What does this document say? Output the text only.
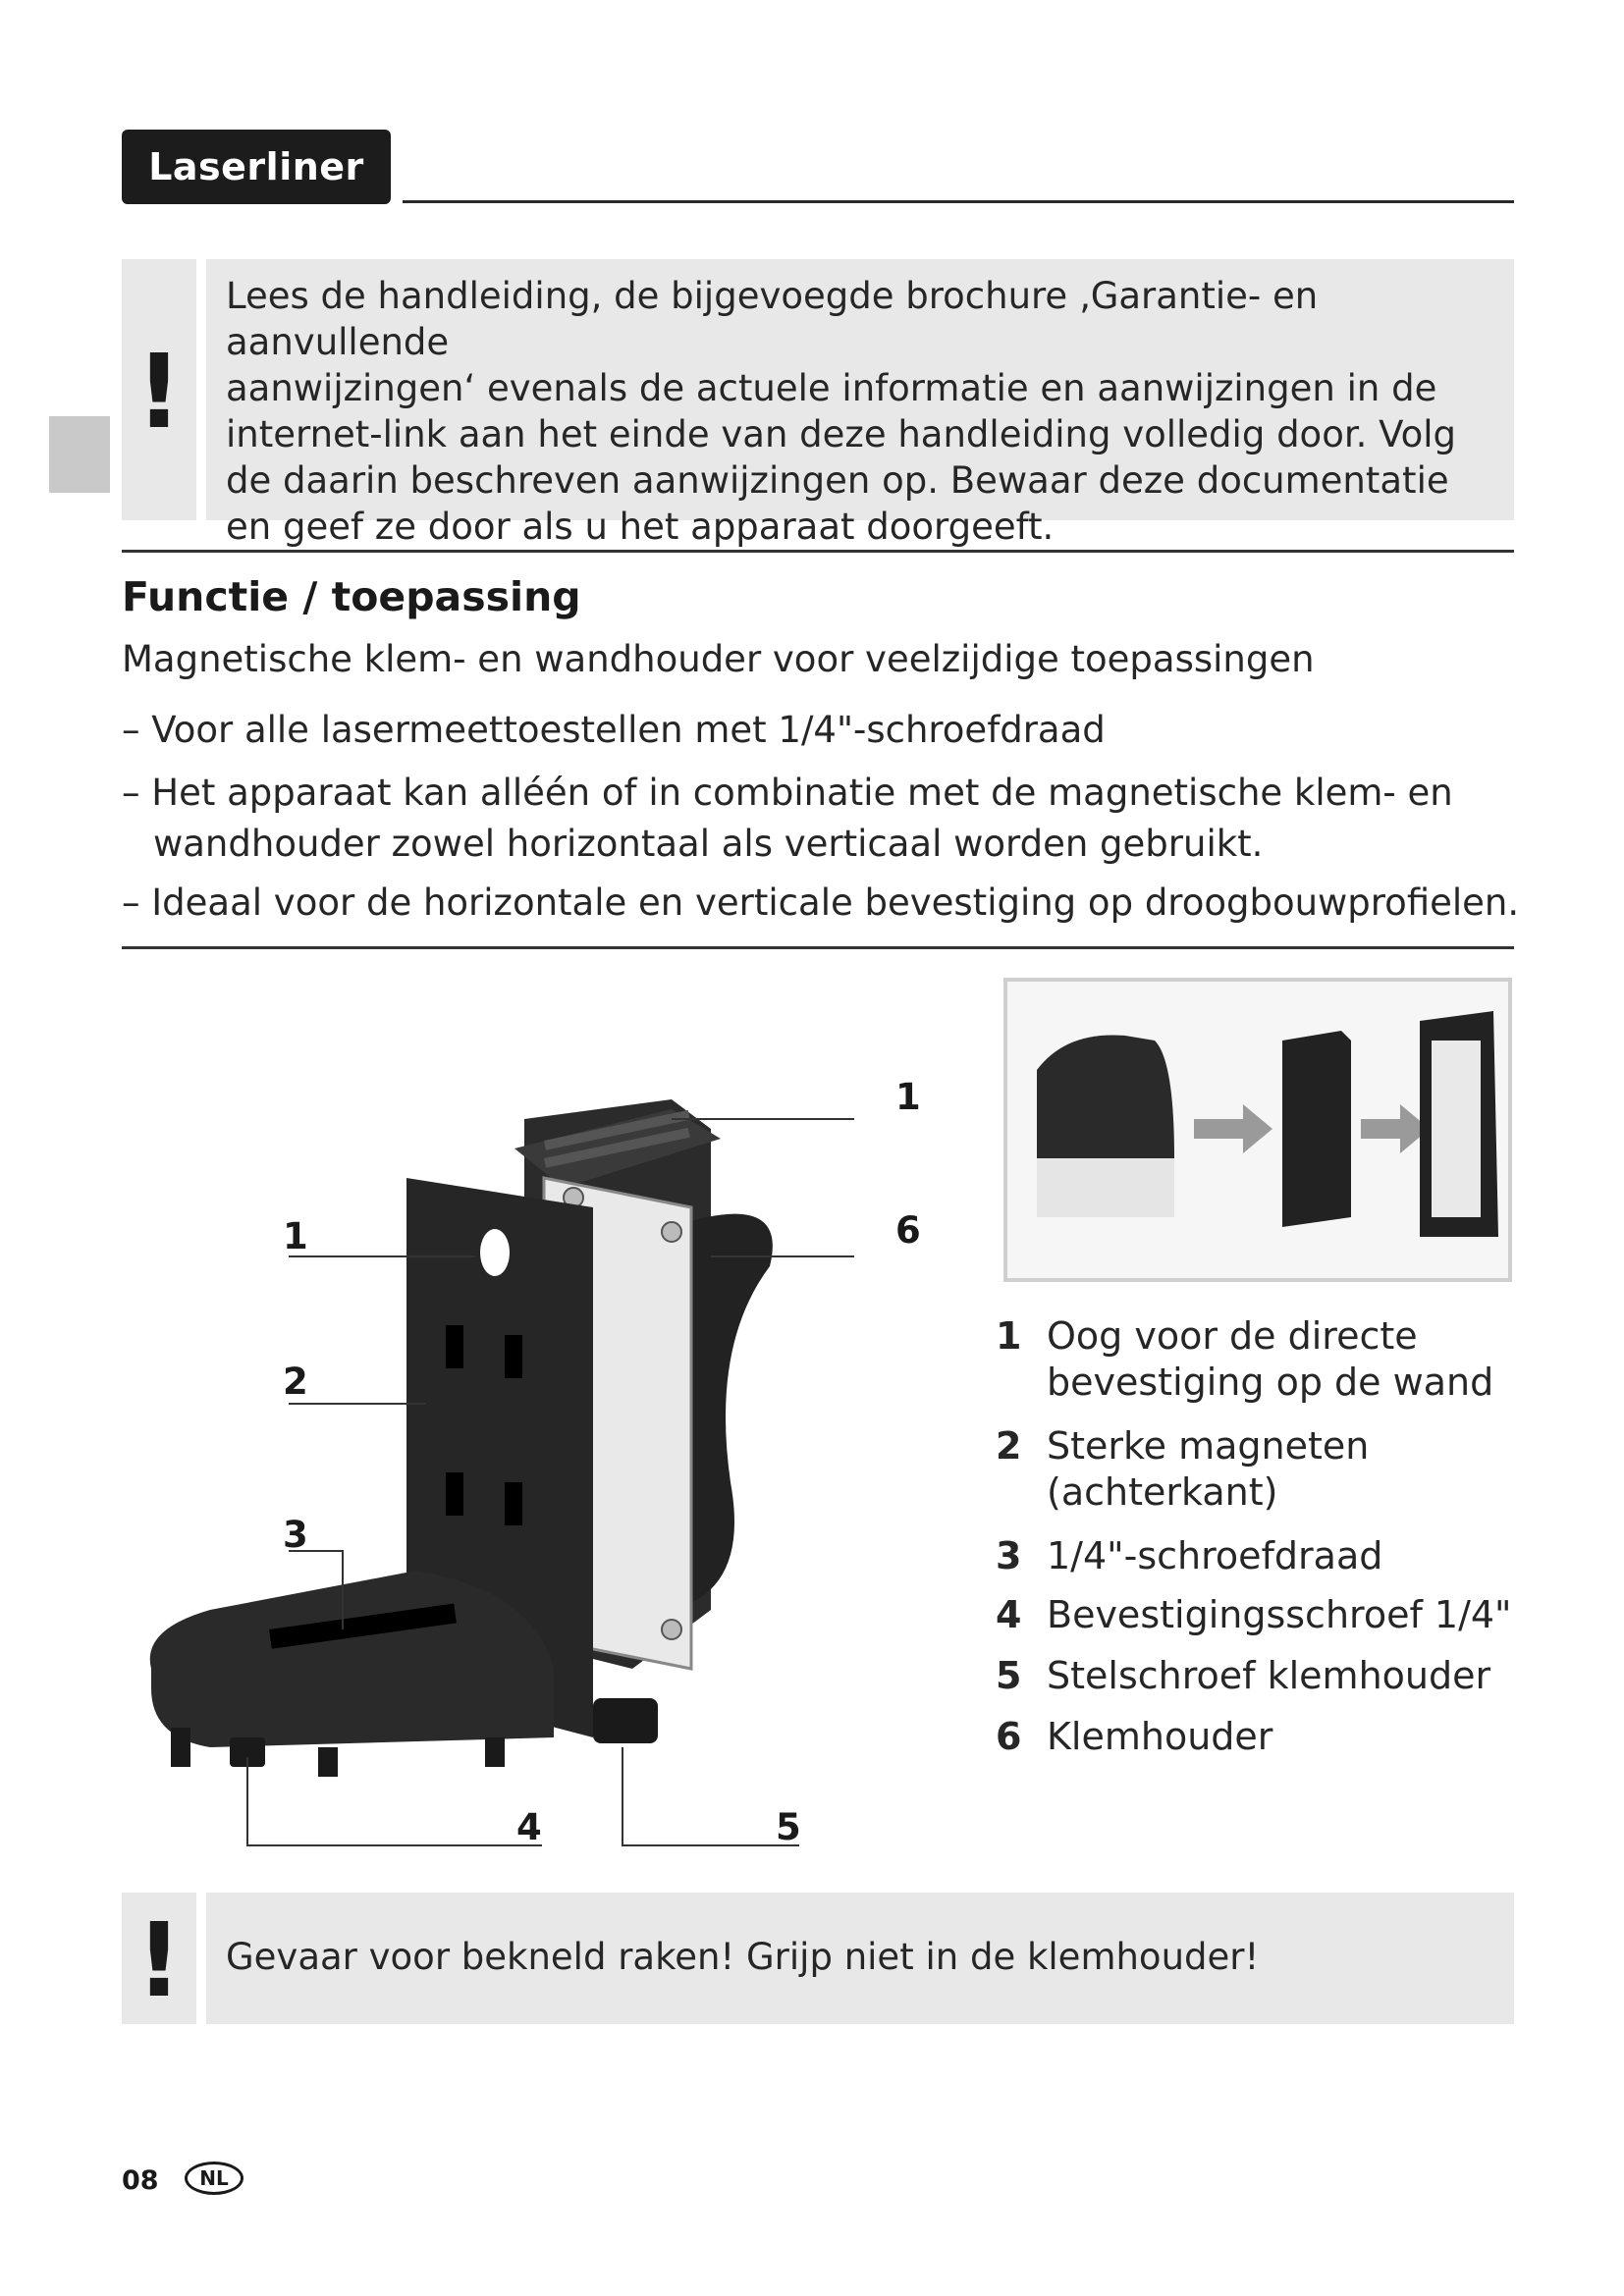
Laserliner
!
Lees de handleiding, de bijgevoegde brochure ‚Garantie- en aanvullende
aanwijzingen‘ evenals de actuele informatie en aanwijzingen in de
internet-link aan het einde van deze handleiding volledig door. Volg
de daarin beschreven aanwijzingen op. Bewaar deze documentatie
en geef ze door als u het apparaat doorgeeft.
Functie / toepassing
Magnetische klem- en wandhouder voor veelzijdige toepassingen
– Voor alle lasermeettoestellen met 1/4"-schroefdraad
– Het apparaat kan alléén of in combinatie met de magnetische klem- en
wandhouder zowel horizontaal als verticaal worden gebruikt.
– Ideaal voor de horizontale en verticale bevestiging op droogbouwprofielen.
1
1	6
2
3
4	5
1 Oog voor de directe
bevestiging op de wand
2 Sterke magneten
(achterkant)
3 1/4"-schroefdraad
4 Bevestigingsschroef 1/4"
5 Stelschroef klemhouder
6 Klemhouder
!	Gevaar voor bekneld raken! Grijp niet in de klemhouder!
08	NL
